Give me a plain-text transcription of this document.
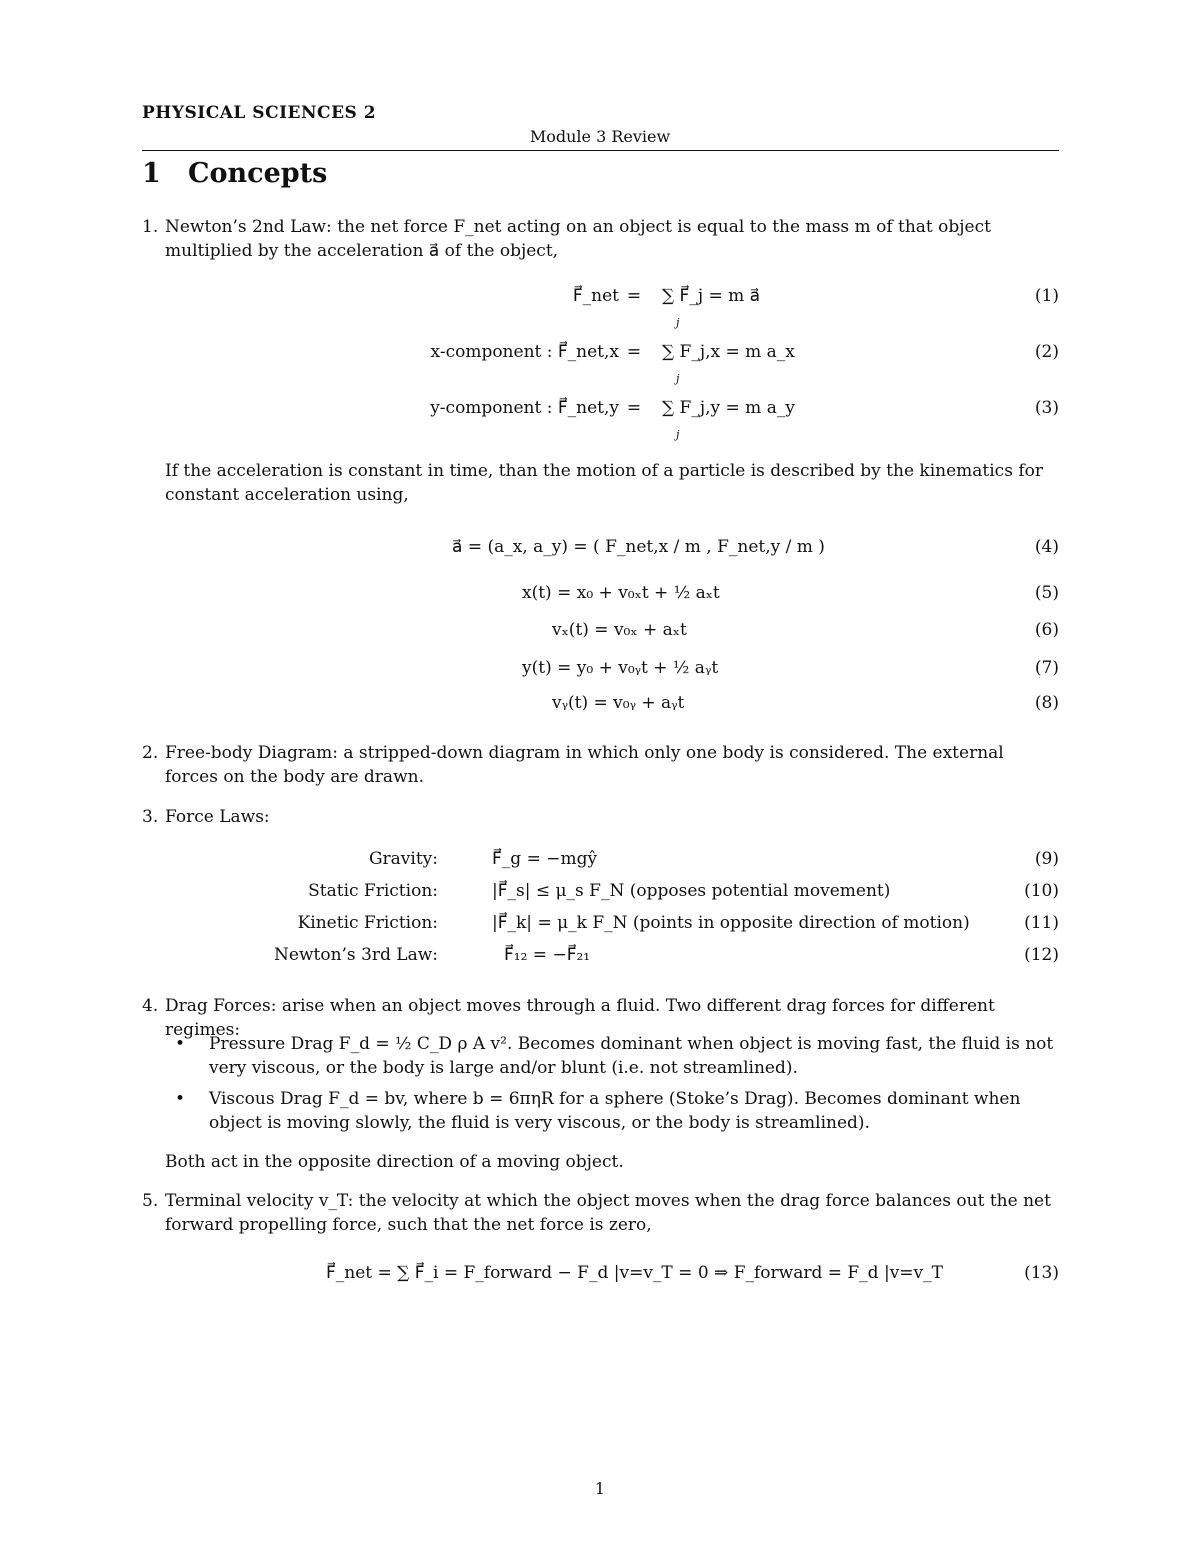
PHYSICAL SCIENCES 2
Module 3 Review
1 Concepts
1. Newton’s 2nd Law: the net force F_net acting on an object is equal to the mass m of that object multiplied by the acceleration a⃗ of the object,
F⃗_net =	∑ F⃗_j = m a⃗
j
(1)
x-component : F⃗_net,x =	∑ F_j,x = m a_x
j
(2)
y-component : F⃗_net,y =	∑ F_j,y = m a_y
j
(3)
If the acceleration is constant in time, than the motion of a particle is described by the kinematics for constant acceleration using,
a⃗ = (a_x, a_y) = ( F_net,x / m , F_net,y / m )	(4)
x(t) = x₀ + v₀ₓt + ½ aₓt	(5)
vₓ(t) = v₀ₓ + aₓt	(6)
y(t) = y₀ + v₀ᵧt + ½ aᵧt	(7)
vᵧ(t) = v₀ᵧ + aᵧt	(8)
2. Free-body Diagram: a stripped-down diagram in which only one body is considered. The external forces on the body are drawn.
3. Force Laws:
Gravity:	F⃗_g = −mgŷ	(9)
Static Friction:	|F⃗_s| ≤ μ_s F_N (opposes potential movement)	(10)
Kinetic Friction:	|F⃗_k| = μ_k F_N (points in opposite direction of motion)	(11)
Newton’s 3rd Law:	F⃗₁₂ = −F⃗₂₁	(12)
4. Drag Forces: arise when an object moves through a fluid. Two different drag forces for different regimes:
• Pressure Drag F_d = ½ C_D ρ A v². Becomes dominant when object is moving fast, the fluid is not very viscous, or the body is large and/or blunt (i.e. not streamlined).
• Viscous Drag F_d = bv, where b = 6πηR for a sphere (Stoke’s Drag). Becomes dominant when object is moving slowly, the fluid is very viscous, or the body is streamlined).
Both act in the opposite direction of a moving object.
5. Terminal velocity v_T: the velocity at which the object moves when the drag force balances out the net forward propelling force, such that the net force is zero,
F⃗_net = ∑ F⃗_i = F_forward − F_d |v=v_T = 0 ⇒ F_forward = F_d |v=v_T	(13)
1
